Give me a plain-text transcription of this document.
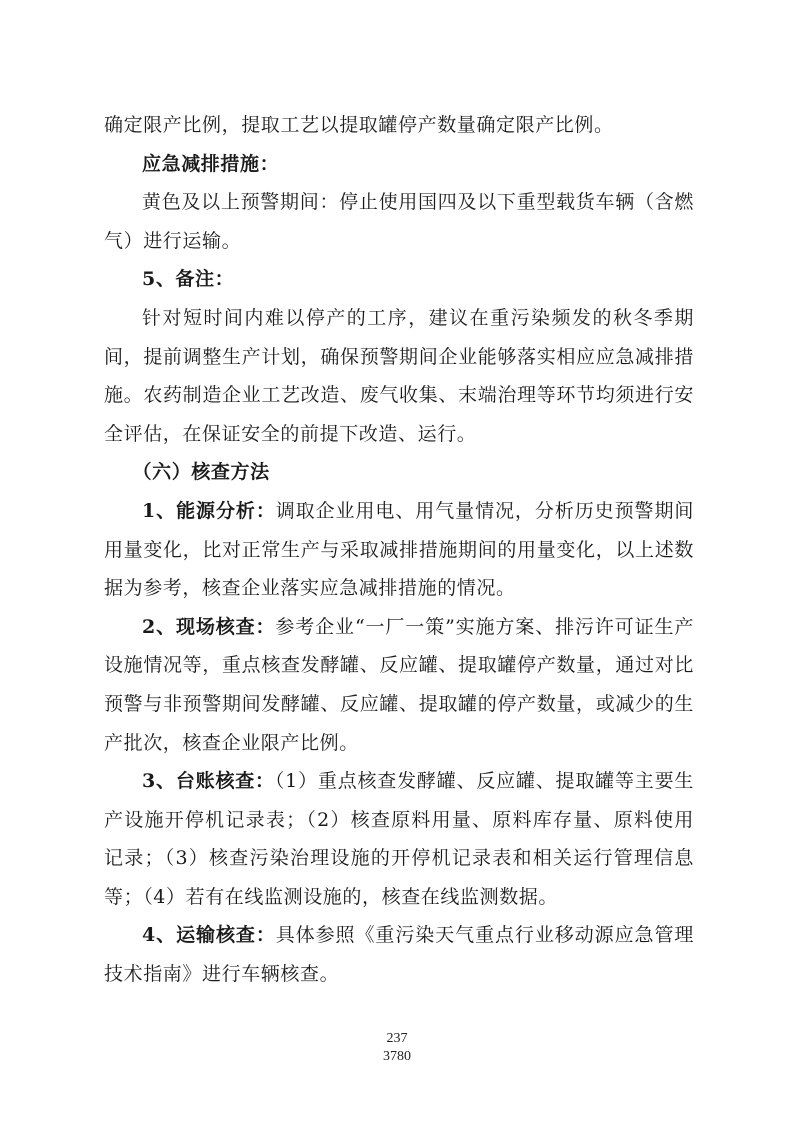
确定限产比例，提取工艺以提取罐停产数量确定限产比例。

应急减排措施：

黄色及以上预警期间：停止使用国四及以下重型载货车辆（含燃气）进行运输。

5、备注：

针对短时间内难以停产的工序，建议在重污染频发的秋冬季期间，提前调整生产计划，确保预警期间企业能够落实相应应急减排措施。农药制造企业工艺改造、废气收集、末端治理等环节均须进行安全评估，在保证安全的前提下改造、运行。

（六）核查方法

1、能源分析：调取企业用电、用气量情况，分析历史预警期间用量变化，比对正常生产与采取减排措施期间的用量变化，以上述数据为参考，核查企业落实应急减排措施的情况。

2、现场核查：参考企业“一厂一策”实施方案、排污许可证生产设施情况等，重点核查发酵罐、反应罐、提取罐停产数量，通过对比预警与非预警期间发酵罐、反应罐、提取罐的停产数量，或减少的生产批次，核查企业限产比例。

3、台账核查：（1）重点核查发酵罐、反应罐、提取罐等主要生产设施开停机记录表；（2）核查原料用量、原料库存量、原料使用记录；（3）核查污染治理设施的开停机记录表和相关运行管理信息等；（4）若有在线监测设施的，核查在线监测数据。

4、运输核查：具体参照《重污染天气重点行业移动源应急管理技术指南》进行车辆核查。

237
3780
